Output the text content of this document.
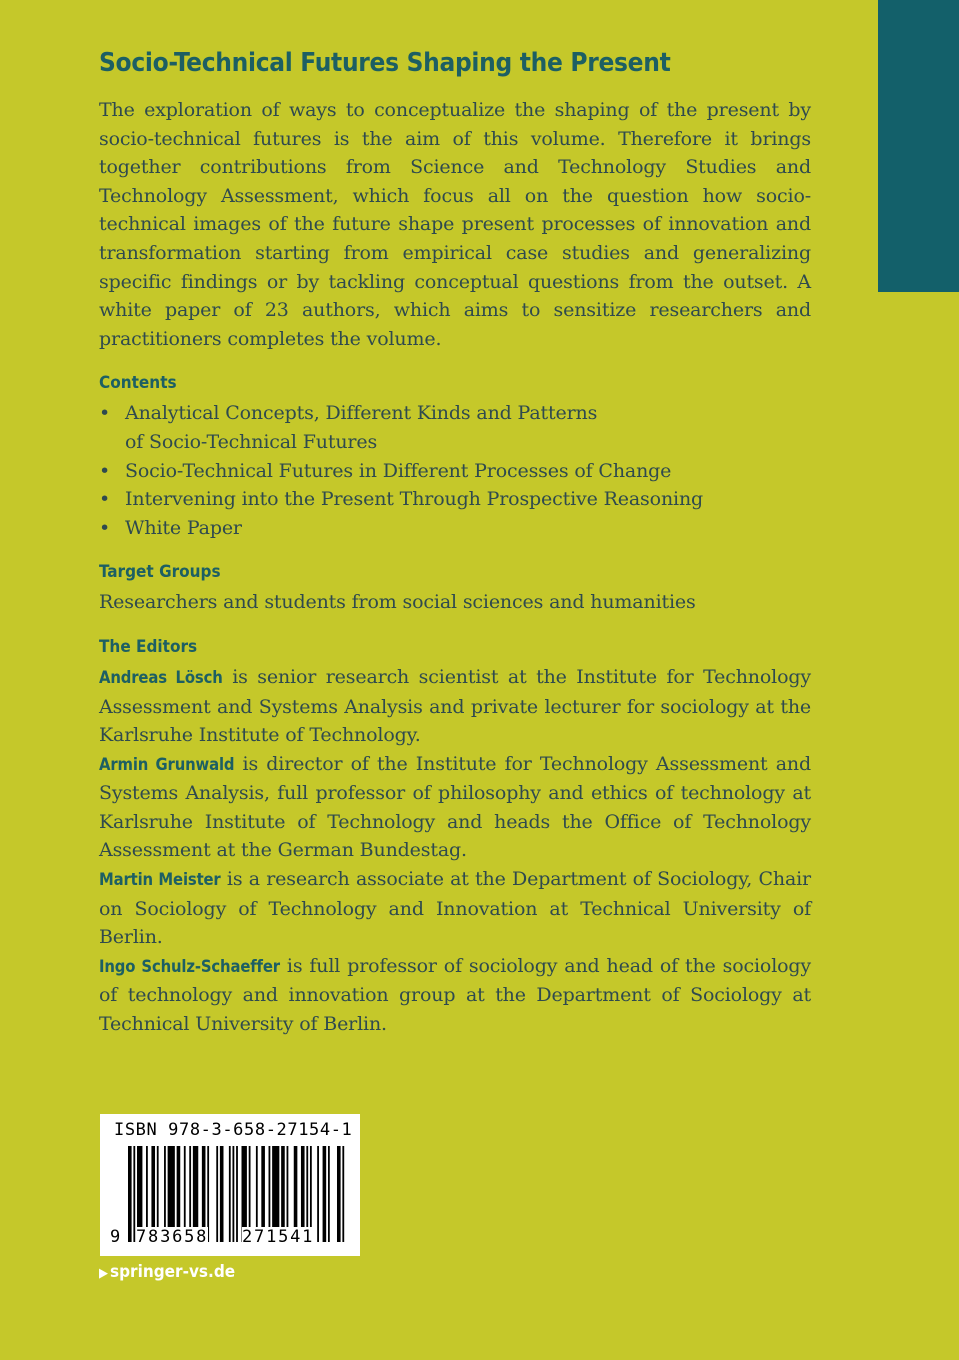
Socio-Technical Futures Shaping the Present

The exploration of ways to conceptualize the shaping of the present by socio-technical futures is the aim of this volume. Therefore it brings together contributions from Science and Technology Studies and Technology Assessment, which focus all on the question how socio-technical images of the future shape present processes of innovation and transformation starting from empirical case studies and generalizing specific findings or by tackling conceptual questions from the outset. A white paper of 23 authors, which aims to sensitize researchers and practitioners completes the volume.

Contents
• Analytical Concepts, Different Kinds and Patterns
of Socio-Technical Futures
• Socio-Technical Futures in Different Processes of Change
• Intervening into the Present Through Prospective Reasoning
• White Paper
Target Groups

Researchers and students from social sciences and humanities

The Editors

Andreas Lösch is senior research scientist at the Institute for Technology Assessment and Systems Analysis and private lecturer for sociology at the Karlsruhe Institute of Technology.

Armin Grunwald is director of the Institute for Technology Assessment and Systems Analysis, full professor of philosophy and ethics of technology at Karlsruhe Institute of Technology and heads the Office of Technology Assessment at the German Bundestag.

Martin Meister is a research associate at the Department of Sociology, Chair on Sociology of Technology and Innovation at Technical University of Berlin.

Ingo Schulz-Schaeffer is full professor of sociology and head of the sociology of technology and innovation group at the Department of Sociology at Technical University of Berlin.

ISBN 978-3-658-27154-1
9 783658 271541
▶ springer-vs.de
